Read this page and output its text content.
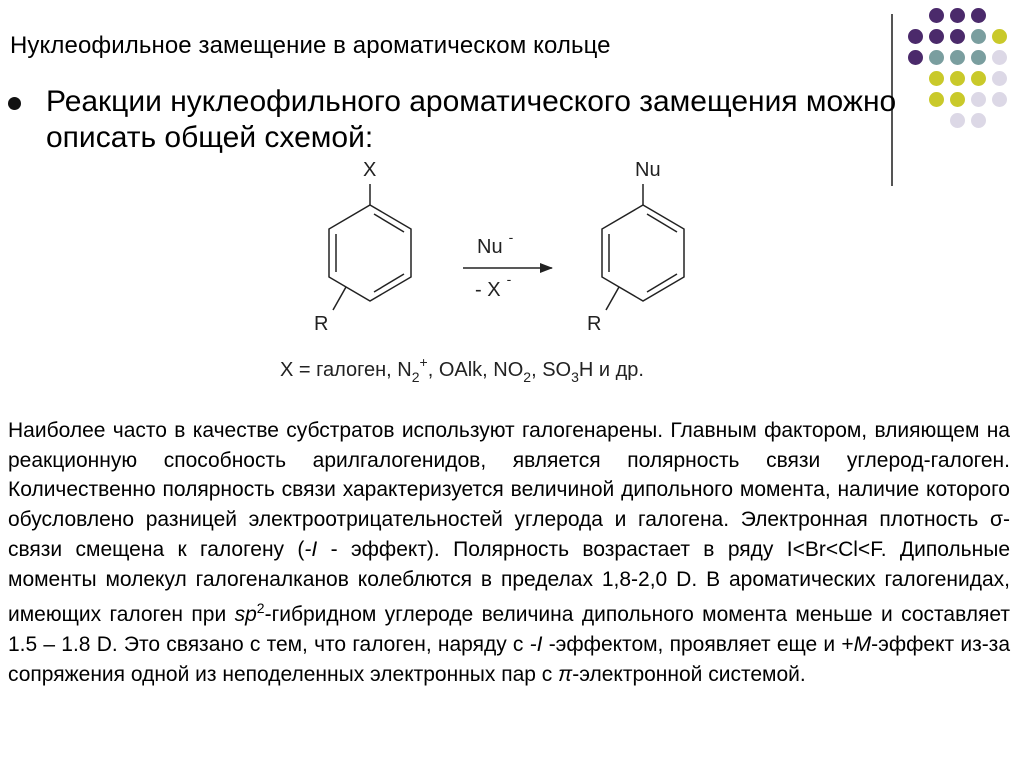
Нуклеофильное замещение в ароматическом кольце
Реакции нуклеофильного ароматического замещения можно описать общей схемой:
X
R
Nu -
- X -
Nu
R
X = галоген, $N_2^+$, OAlk, $NO_2$, $SO_3H$ и др.

Наиболее часто в качестве субстратов используют галогенарены. Главным фактором, влияющем на реакционную способность арилгалогенидов, является полярность связи углерод-галоген. Количественно полярность связи характеризуется величиной дипольного момента, наличие которого обусловлено разницей электроотрицательностей углерода и галогена. Электронная плотность σ-связи смещена к галогену (-I - эффект). Полярность возрастает в ряду I<Br<Cl<F. Дипольные моменты молекул галогеналканов колеблются в пределах 1,8-2,0 D. В ароматических галогенидах, имеющих галоген при $sp^2$-гибридном углероде величина дипольного момента меньше и составляет 1.5 – 1.8 D. Это связано с тем, что галоген, наряду с -I -эффектом, проявляет еще и +M-эффект из-за сопряжения одной из неподеленных электронных пар с π-электронной системой.
